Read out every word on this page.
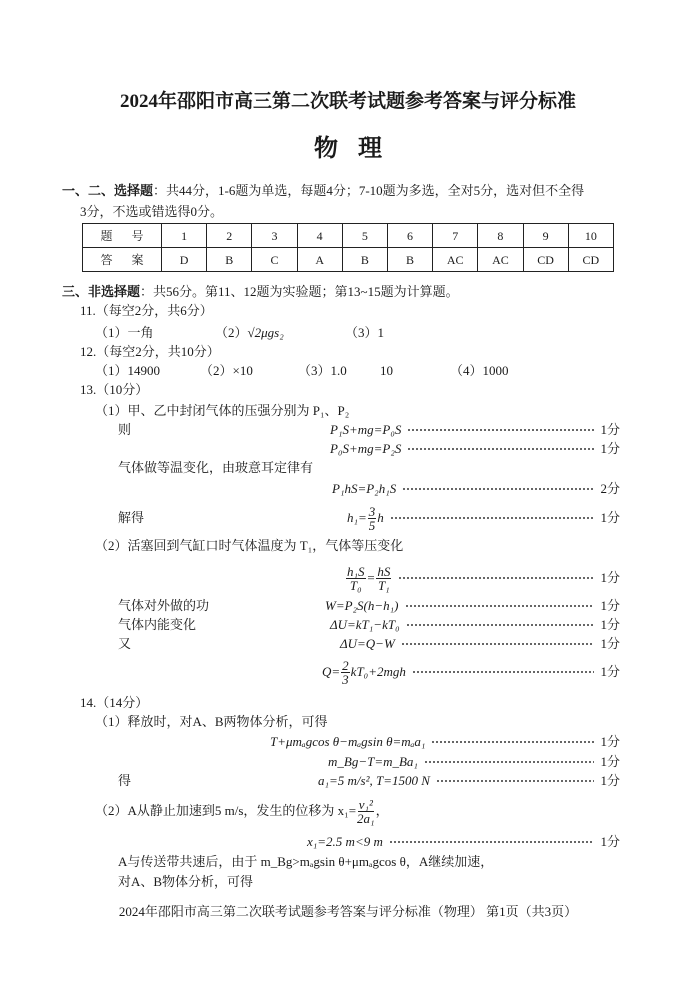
2024年邵阳市高三第二次联考试题参考答案与评分标准
物理
一、二、选择题：共44分，1-6题为单选，每题4分；7-10题为多选，全对5分，选对但不全得
3分，不选或错选得0分。
题 号	1	2	3	4	5	6	7	8	9	10
答 案	D	B	C	A	B	B	AC	AC	CD	CD
三、非选择题：共56分。第11、12题为实验题；第13~15题为计算题。
11.（每空2分，共6分）
（1）一角	（2）√2μgs₂	（3）1
12.（每空2分，共10分）
（1）14900	（2）×10	（3）1.0	10	（4）1000
13.（10分）
（1）甲、乙中封闭气体的压强分别为 P₁、P₂
则	P₁S+mg=P₀S	1分
P₀S+mg=P₂S	1分
气体做等温变化，由玻意耳定律有
P₁hS=P₂h₁S	2分
解得	$h_1= \frac{3}{5}$ h	1分
（2）活塞回到气缸口时气体温度为 T₁，气体等压变化
$\frac{\text{h₁S}}{\text{T₀}} = \frac{hS}{\text{T₁}}$	1分
气体对外做的功	W=P₂S(h−h₁)	1分
气体内能变化	ΔU=kT₁−kT₀	1分
又	ΔU=Q−W	1分
$Q= \frac{2}{3} kT_0+2mgh$	1分
14.（14分）
（1）释放时，对A、B两物体分析，可得
T+μmₐgcos θ−mₐgsin θ=mₐa₁	1分
m_Bg−T=m_Ba₁	1分
得	a₁=5 m/s², T=1500 N	1分
（2）A从静止加速到5 m/s，发生的位移为 $x_1= \frac{\text{v₁²}}{\text{2a₁}}$ ，
x₁=2.5 m<9 m	1分
A与传送带共速后，由于 m_Bg>mₐgsin θ+μmₐgcos θ，A继续加速，
对A、B物体分析，可得
2024年邵阳市高三第二次联考试题参考答案与评分标准（物理） 第1页（共3页）
